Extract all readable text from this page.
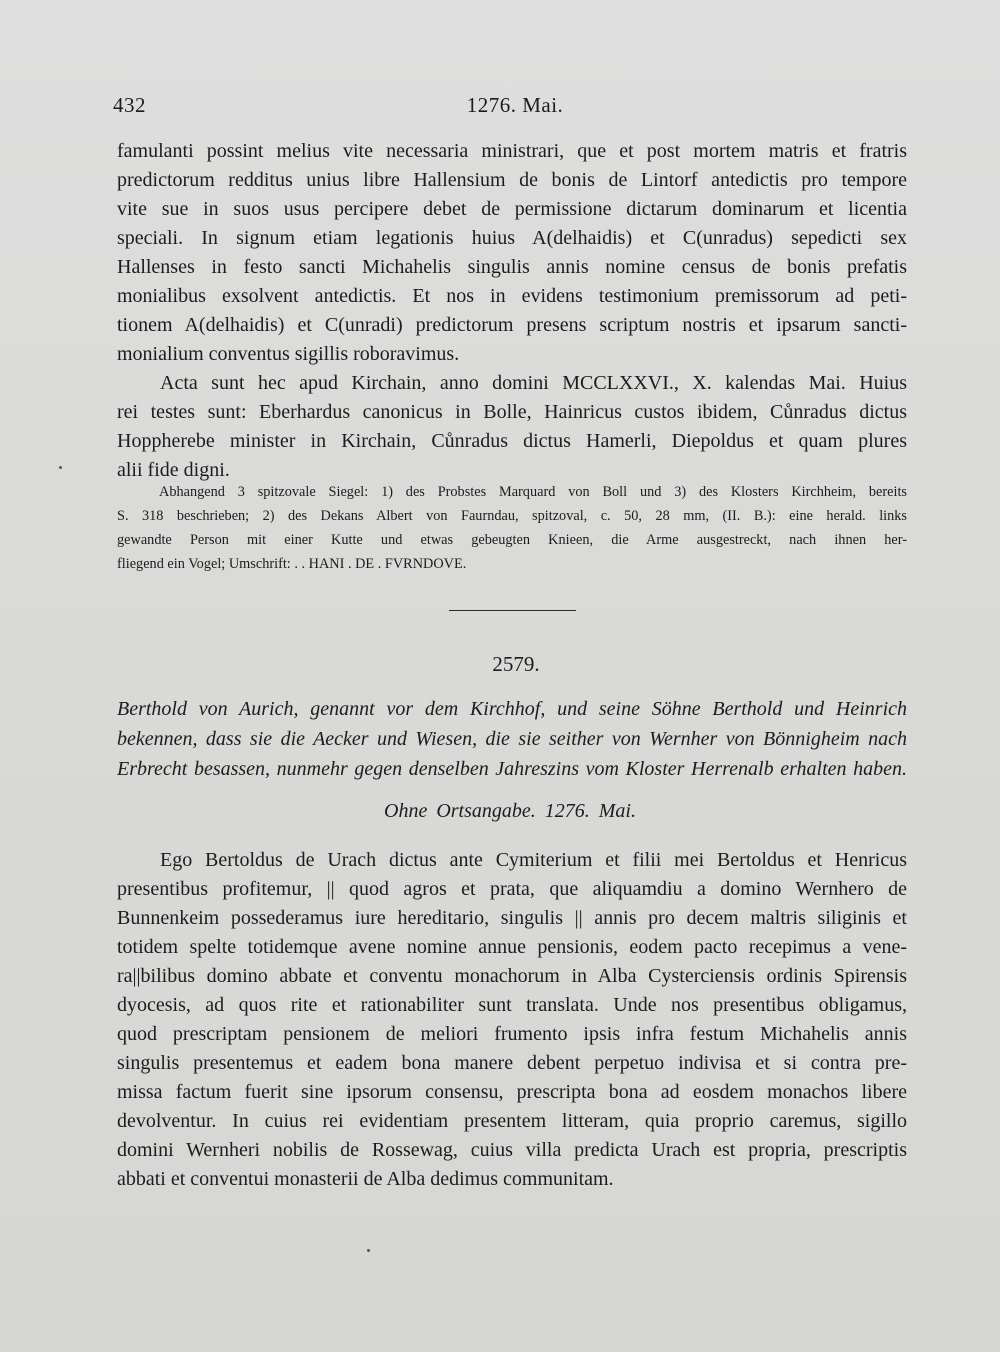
432	1276. Mai.
famulanti possint melius vite necessaria ministrari, que et post mortem matris et fratris
predictorum redditus unius libre Hallensium de bonis de Lintorf antedictis pro tempore
vite sue in suos usus percipere debet de permissione dictarum dominarum et licentia
speciali. In signum etiam legationis huius A(delhaidis) et C(unradus) sepedicti sex
Hallenses in festo sancti Michahelis singulis annis nomine census de bonis prefatis
monialibus exsolvent antedictis. Et nos in evidens testimonium premissorum ad peti-
tionem A(delhaidis) et C(unradi) predictorum presens scriptum nostris et ipsarum sancti-
monialium conventus sigillis roboravimus.
Acta sunt hec apud Kirchain, anno domini MCCLXXVI., X. kalendas Mai. Huius
rei testes sunt: Eberhardus canonicus in Bolle, Hainricus custos ibidem, Cůnradus dictus
Hoppherebe minister in Kirchain, Cůnradus dictus Hamerli, Diepoldus et quam plures
alii fide digni.
Abhangend 3 spitzovale Siegel: 1) des Probstes Marquard von Boll und 3) des Klosters Kirchheim, bereits
S. 318 beschrieben; 2) des Dekans Albert von Faurndau, spitzoval, c. 50, 28 mm, (II. B.): eine herald. links
gewandte Person mit einer Kutte und etwas gebeugten Knieen, die Arme ausgestreckt, nach ihnen her-
fliegend ein Vogel; Umschrift: . . HANI . DE . FVRNDOVE.
2579.
Berthold von Aurich, genannt vor dem Kirchhof, und seine Söhne Berthold und Heinrich
bekennen, dass sie die Aecker und Wiesen, die sie seither von Wernher von Bönnigheim nach
Erbrecht besassen, nunmehr gegen denselben Jahreszins vom Kloster Herrenalb erhalten haben.
Ohne Ortsangabe. 1276. Mai.
Ego Bertoldus de Urach dictus ante Cymiterium et filii mei Bertoldus et Henricus
presentibus profitemur, || quod agros et prata, que aliquamdiu a domino Wernhero de
Bunnenkeim possederamus iure hereditario, singulis || annis pro decem maltris siliginis et
totidem spelte totidemque avene nomine annue pensionis, eodem pacto recepimus a vene-
ra||bilibus domino abbate et conventu monachorum in Alba Cysterciensis ordinis Spirensis
dyocesis, ad quos rite et rationabiliter sunt translata. Unde nos presentibus obligamus,
quod prescriptam pensionem de meliori frumento ipsis infra festum Michahelis annis
singulis presentemus et eadem bona manere debent perpetuo indivisa et si contra pre-
missa factum fuerit sine ipsorum consensu, prescripta bona ad eosdem monachos libere
devolventur. In cuius rei evidentiam presentem litteram, quia proprio caremus, sigillo
domini Wernheri nobilis de Rossewag, cuius villa predicta Urach est propria, prescriptis
abbati et conventui monasterii de Alba dedimus communitam.
